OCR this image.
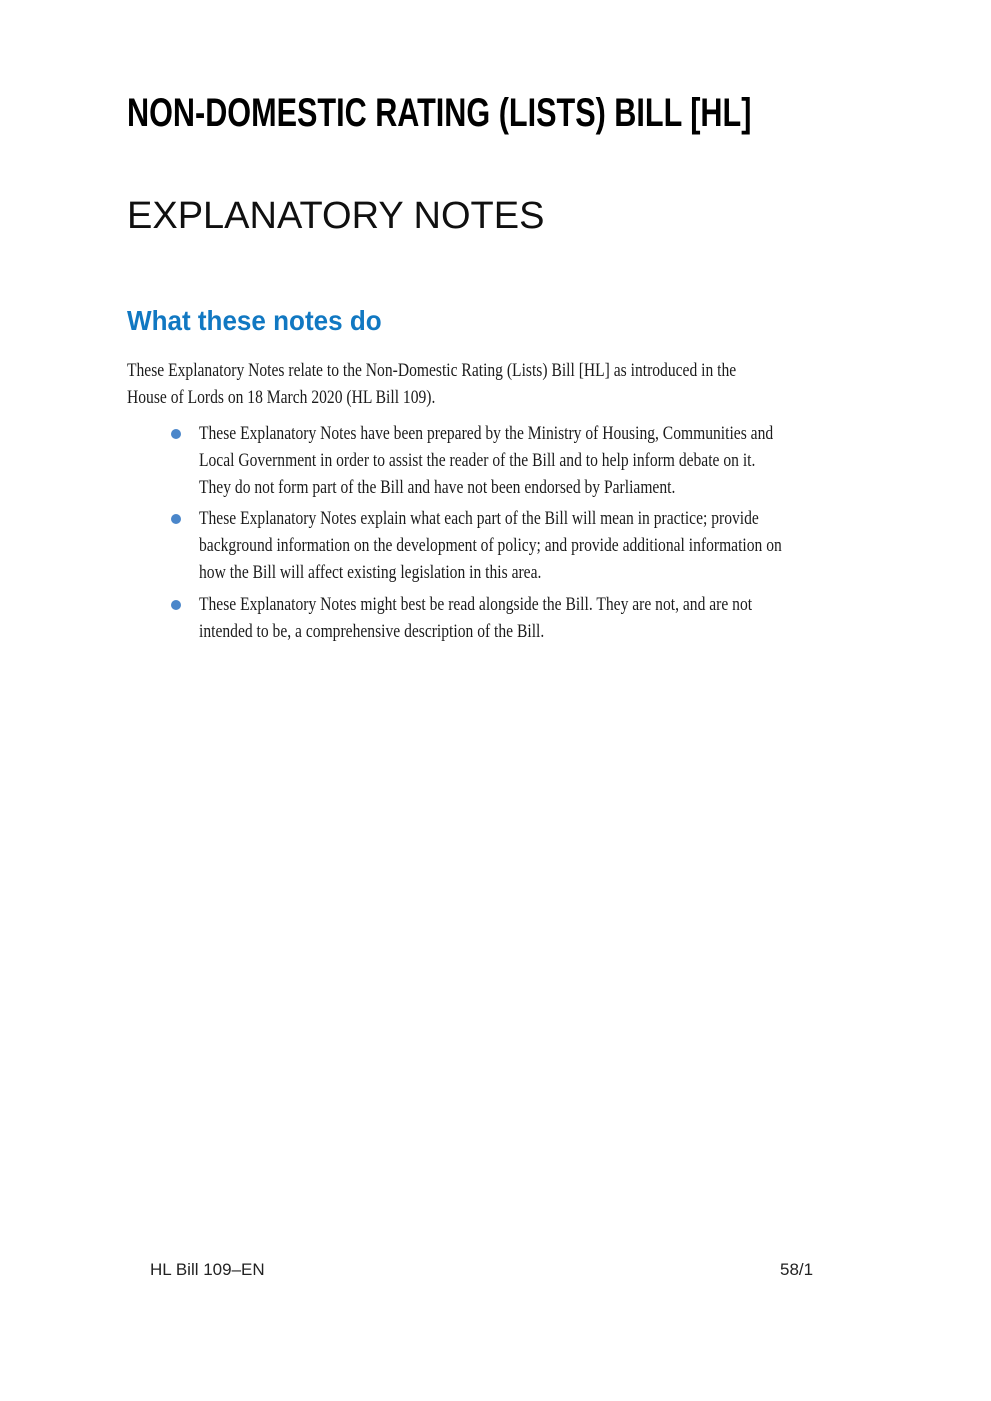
NON-DOMESTIC RATING (LISTS) BILL [HL]
EXPLANATORY NOTES
What these notes do
These Explanatory Notes relate to the Non-Domestic Rating (Lists) Bill [HL] as introduced in the
House of Lords on 18 March 2020 (HL Bill 109).
These Explanatory Notes have been prepared by the Ministry of Housing, Communities and
Local Government in order to assist the reader of the Bill and to help inform debate on it.
They do not form part of the Bill and have not been endorsed by Parliament.
These Explanatory Notes explain what each part of the Bill will mean in practice; provide
background information on the development of policy; and provide additional information on
how the Bill will affect existing legislation in this area.
These Explanatory Notes might best be read alongside the Bill. They are not, and are not
intended to be, a comprehensive description of the Bill.
HL Bill 109–EN	58/1
